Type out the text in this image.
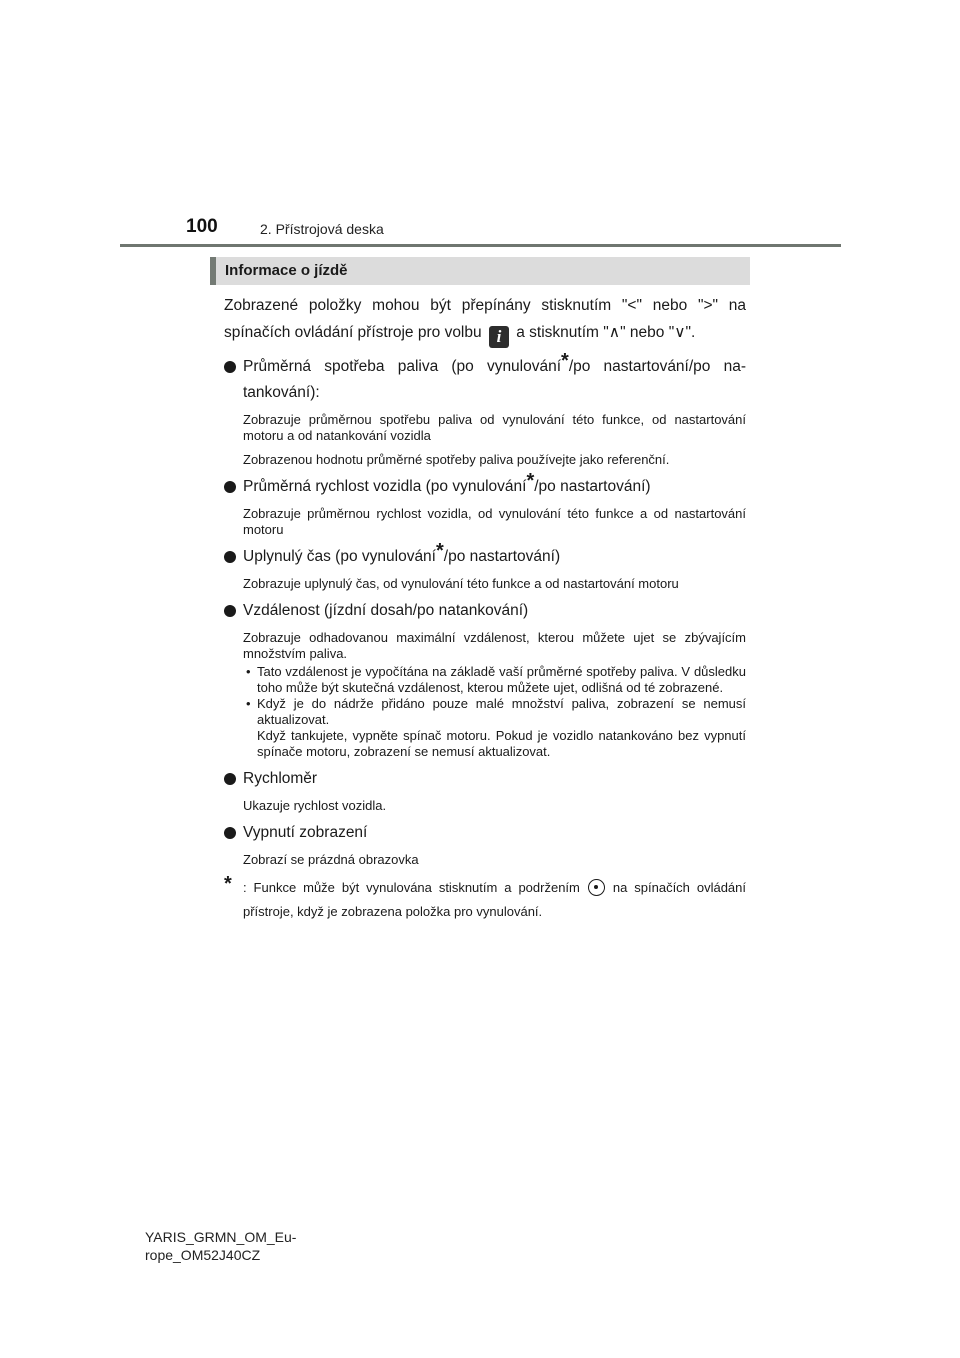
100	2. Přístrojová deska
Informace o jízdě

Zobrazené položky mohou být přepínány stisknutím "<" nebo ">" na spínačích ovládání přístroje pro volbu i a stisknutím "∧" nebo "∨".

Průměrná spotřeba paliva (po vynulování*/po nastartování/po natankování):
Zobrazuje průměrnou spotřebu paliva od vynulování této funkce, od nastartování motoru a od natankování vozidla
Zobrazenou hodnotu průměrné spotřeby paliva používejte jako referenční.
Průměrná rychlost vozidla (po vynulování*/po nastartování)
Zobrazuje průměrnou rychlost vozidla, od vynulování této funkce a od nastartování motoru
Uplynulý čas (po vynulování*/po nastartování)
Zobrazuje uplynulý čas, od vynulování této funkce a od nastartování motoru
Vzdálenost (jízdní dosah/po natankování)
Zobrazuje odhadovanou maximální vzdálenost, kterou můžete ujet se zbývajícím množstvím paliva.
• Tato vzdálenost je vypočítána na základě vaší průměrné spotřeby paliva. V důsledku toho může být skutečná vzdálenost, kterou můžete ujet, odlišná od té zobrazené.
• Když je do nádrže přidáno pouze malé množství paliva, zobrazení se nemusí aktualizovat.
Když tankujete, vypněte spínač motoru. Pokud je vozidlo natankováno bez vypnutí spínače motoru, zobrazení se nemusí aktualizovat.
Rychloměr
Ukazuje rychlost vozidla.
Vypnutí zobrazení
Zobrazí se prázdná obrazovka
* : Funkce může být vynulována stisknutím a podržením	na spínačích ovládání přístroje, když je zobrazena položka pro vynulování.
YARIS_GRMN_OM_Eu-
rope_OM52J40CZ
